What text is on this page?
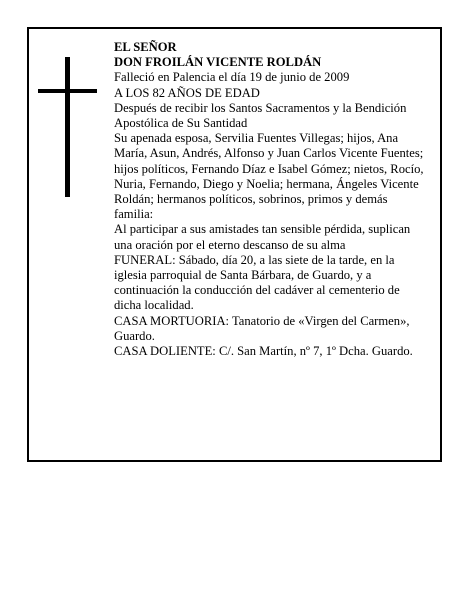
EL SEÑOR

DON FROILÁN VICENTE ROLDÁN

Falleció en Palencia el día 19 de junio de 2009

A LOS 82 AÑOS DE EDAD

Después de recibir los Santos Sacramentos y la Bendición Apostólica de Su Santidad

Su apenada esposa, Servilia Fuentes Villegas; hijos, Ana María, Asun, Andrés, Alfonso y Juan Carlos Vicente Fuentes; hijos políticos, Fernando Díaz e Isabel Gómez; nietos, Rocío, Nuria, Fernando, Diego y Noelia; hermana, Ángeles Vicente Roldán; hermanos políticos, sobrinos, primos y demás familia:

Al participar a sus amistades tan sensible pérdida, suplican una oración por el eterno descanso de su alma

FUNERAL: Sábado, día 20, a las siete de la tarde, en la iglesia parroquial de Santa Bárbara, de Guardo, y a continuación la conducción del cadáver al cementerio de dicha localidad.

CASA MORTUORIA: Tanatorio de «Virgen del Carmen», Guardo.

CASA DOLIENTE: C/. San Martín, nº 7, 1º Dcha. Guardo.
